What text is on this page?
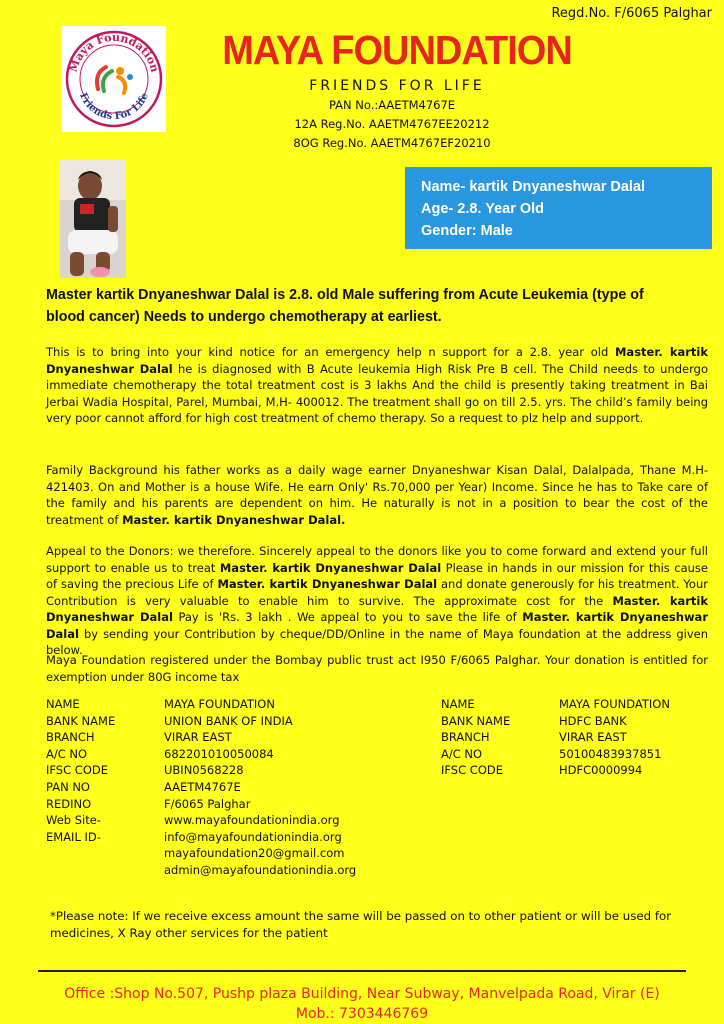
Regd.No. F/6065 Palghar
Maya Foundation
Friends For Life
MAYA FOUNDATION
FRIENDS FOR LIFE
PAN No.:AAETM4767E
12A Reg.No. AAETM4767EE20212
8OG Reg.No. AAETM4767EF20210
Name- kartik Dnyaneshwar Dalal
Age- 2.8. Year Old
Gender: Male
Master kartik Dnyaneshwar Dalal is 2.8. old Male suffering from Acute Leukemia (type of blood cancer) Needs to undergo chemotherapy at earliest.
This is to bring into your kind notice for an emergency help n support for a 2.8. year old Master. kartik Dnyaneshwar Dalal he is diagnosed with B Acute leukemia High Risk Pre B cell. The Child needs to undergo immediate chemotherapy the total treatment cost is 3 lakhs And the child is presently taking treatment in Bai Jerbai Wadia Hospital, Parel, Mumbai, M.H- 400012. The treatment shall go on till 2.5. yrs. The child’s family being very poor cannot afford for high cost treatment of chemo therapy. So a request to plz help and support.
Family Background his father works as a daily wage earner Dnyaneshwar Kisan Dalal, Dalalpada, Thane M.H- 421403. On and Mother is a house Wife. He earn Only' Rs.70,000 per Year) Income. Since he has to Take care of the family and his parents are dependent on him. He naturally is not in a position to bear the cost of the treatment of Master. kartik Dnyaneshwar Dalal.
Appeal to the Donors: we therefore. Sincerely appeal to the donors like you to come forward and extend your full support to enable us to treat Master. kartik Dnyaneshwar Dalal Please in hands in our mission for this cause of saving the precious Life of Master. kartik Dnyaneshwar Dalal and donate generously for his treatment. Your Contribution is very valuable to enable him to survive. The approximate cost for the Master. kartik Dnyaneshwar Dalal Pay is 'Rs. 3 lakh . We appeal to you to save the life of Master. kartik Dnyaneshwar Dalal by sending your Contribution by cheque/DD/Online in the name of Maya foundation at the address given below.
Maya Foundation registered under the Bombay public trust act I950 F/6065 Palghar. Your donation is entitled for exemption under 80G income tax
NAME	MAYA FOUNDATION
BANK NAME	UNION BANK OF INDIA
BRANCH	VIRAR EAST
A/C NO	682201010050084
IFSC CODE	UBIN0568228
PAN NO	AAETM4767E
REDINO	F/6065 Palghar
Web Site-	www.mayafoundationindia.org
EMAIL ID-	info@mayafoundationindia.org
mayafoundation20@gmail.com
admin@mayafoundationindia.org
NAME	MAYA FOUNDATION
BANK NAME	HDFC BANK
BRANCH	VIRAR EAST
A/C NO	50100483937851
IFSC CODE	HDFC0000994
*Please note: If we receive excess amount the same will be passed on to other patient or will be used for medicines, X Ray other services for the patient
Office :Shop No.507, Pushp plaza Building, Near Subway, Manvelpada Road, Virar (E)
Mob.: 7303446769
